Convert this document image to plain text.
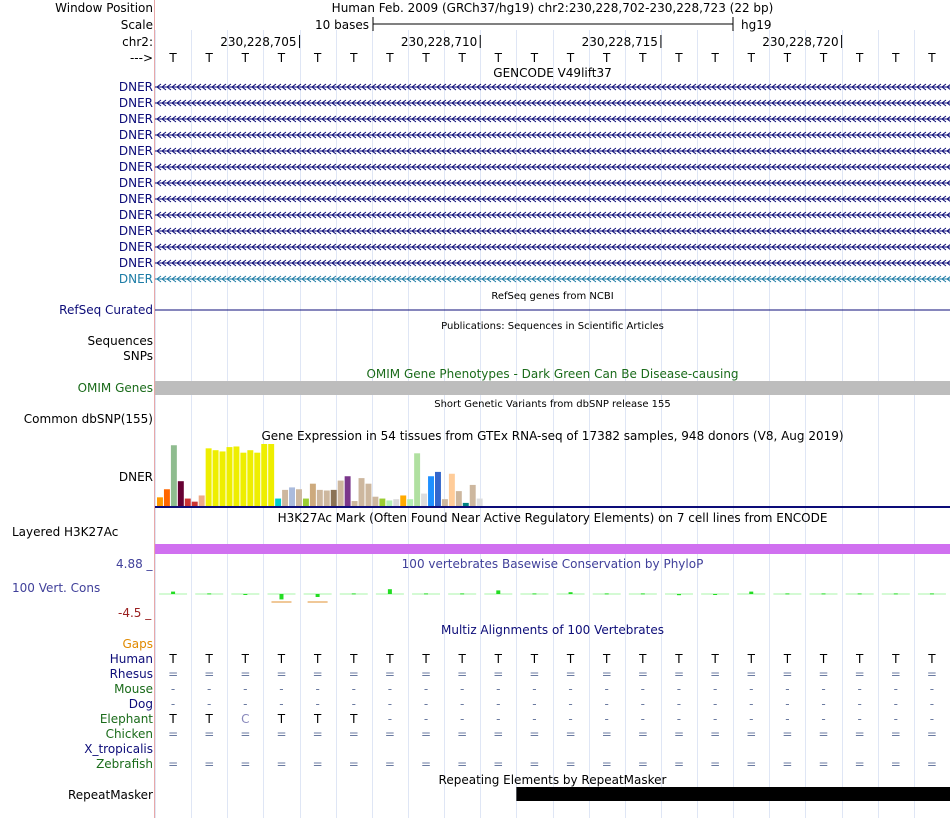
Window Position
Scale
chr2:
--->
Human Feb. 2009 (GRCh37/hg19) chr2:230,228,702-230,228,723 (22 bp)
10 bases	hg19
230,228,705	230,228,710	230,228,715	230,228,720
T T T T T T T T T T T T T T T T T T T T T T
GENCODE V49lift37
DNER
DNER
DNER
DNER
DNER
DNER
DNER
DNER
DNER
DNER
DNER
DNER
DNER
RefSeq genes from NCBI
RefSeq Curated
Publications: Sequences in Scientific Articles
Sequences
SNPs
OMIM Gene Phenotypes - Dark Green Can Be Disease-causing
OMIM Genes
Short Genetic Variants from dbSNP release 155
Common dbSNP(155)
Gene Expression in 54 tissues from GTEx RNA-seq of 17382 samples, 948 donors (V8, Aug 2019)
DNER
H3K27Ac Mark (Often Found Near Active Regulatory Elements) on 7 cell lines from ENCODE
Layered H3K27Ac
100 vertebrates Basewise Conservation by PhyloP
4.88 _
100 Vert. Cons
-4.5 _
Multiz Alignments of 100 Vertebrates
Gaps
Human T T T T T T T T T T T T T T T T T T T T T T
Rhesus = = = = = = = = = = = = = = = = = = = = = =
Mouse -	-	-	-	-	-	-	-	-	-	-	-	-	-	-	-	-	-	-	-	-	-
Dog -	-	-	-	-	-	-	-	-	-	-	-	-	-	-	-	-	-	-	-	-	-
Elephant T T C T T T	-	-	-	-	-	-	-	-	-	-	-	-	-	-	-	-
Chicken = = = = = = = = = = = = = = = = = = = = = =
X_tropicalis
Zebrafish = = = = = = = = = = = = = = = = = = = = = =
Repeating Elements by RepeatMasker
RepeatMasker
